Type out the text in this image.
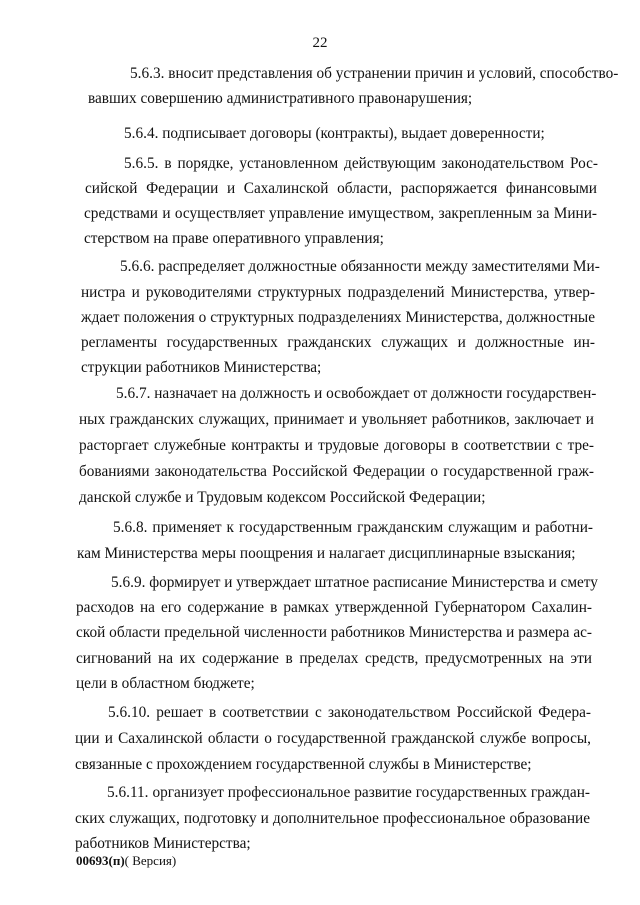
22
5.6.3. вносит представления об устранении причин и условий, способство-
вавших совершению административного правонарушения;
5.6.4. подписывает договоры (контракты), выдает доверенности;
5.6.5. в порядке, установленном действующим законодательством Рос-
сийской Федерации и Сахалинской области, распоряжается финансовыми
средствами и осуществляет управление имуществом, закрепленным за Мини-
стерством на праве оперативного управления;
5.6.6. распределяет должностные обязанности между заместителями Ми-
нистра и руководителями структурных подразделений Министерства, утвер-
ждает положения о структурных подразделениях Министерства, должностные
регламенты государственных гражданских служащих и должностные ин-
струкции работников Министерства;
5.6.7. назначает на должность и освобождает от должности государствен-
ных гражданских служащих, принимает и увольняет работников, заключает и
расторгает служебные контракты и трудовые договоры в соответствии с тре-
бованиями законодательства Российской Федерации о государственной граж-
данской службе и Трудовым кодексом Российской Федерации;
5.6.8. применяет к государственным гражданским служащим и работни-
кам Министерства меры поощрения и налагает дисциплинарные взыскания;
5.6.9. формирует и утверждает штатное расписание Министерства и смету
расходов на его содержание в рамках утвержденной Губернатором Сахалин-
ской области предельной численности работников Министерства и размера ас-
сигнований на их содержание в пределах средств, предусмотренных на эти
цели в областном бюджете;
5.6.10. решает в соответствии с законодательством Российской Федера-
ции и Сахалинской области о государственной гражданской службе вопросы,
связанные с прохождением государственной службы в Министерстве;
5.6.11. организует профессиональное развитие государственных граждан-
ских служащих, подготовку и дополнительное профессиональное образование
работников Министерства;
00693(п)( Версия)
